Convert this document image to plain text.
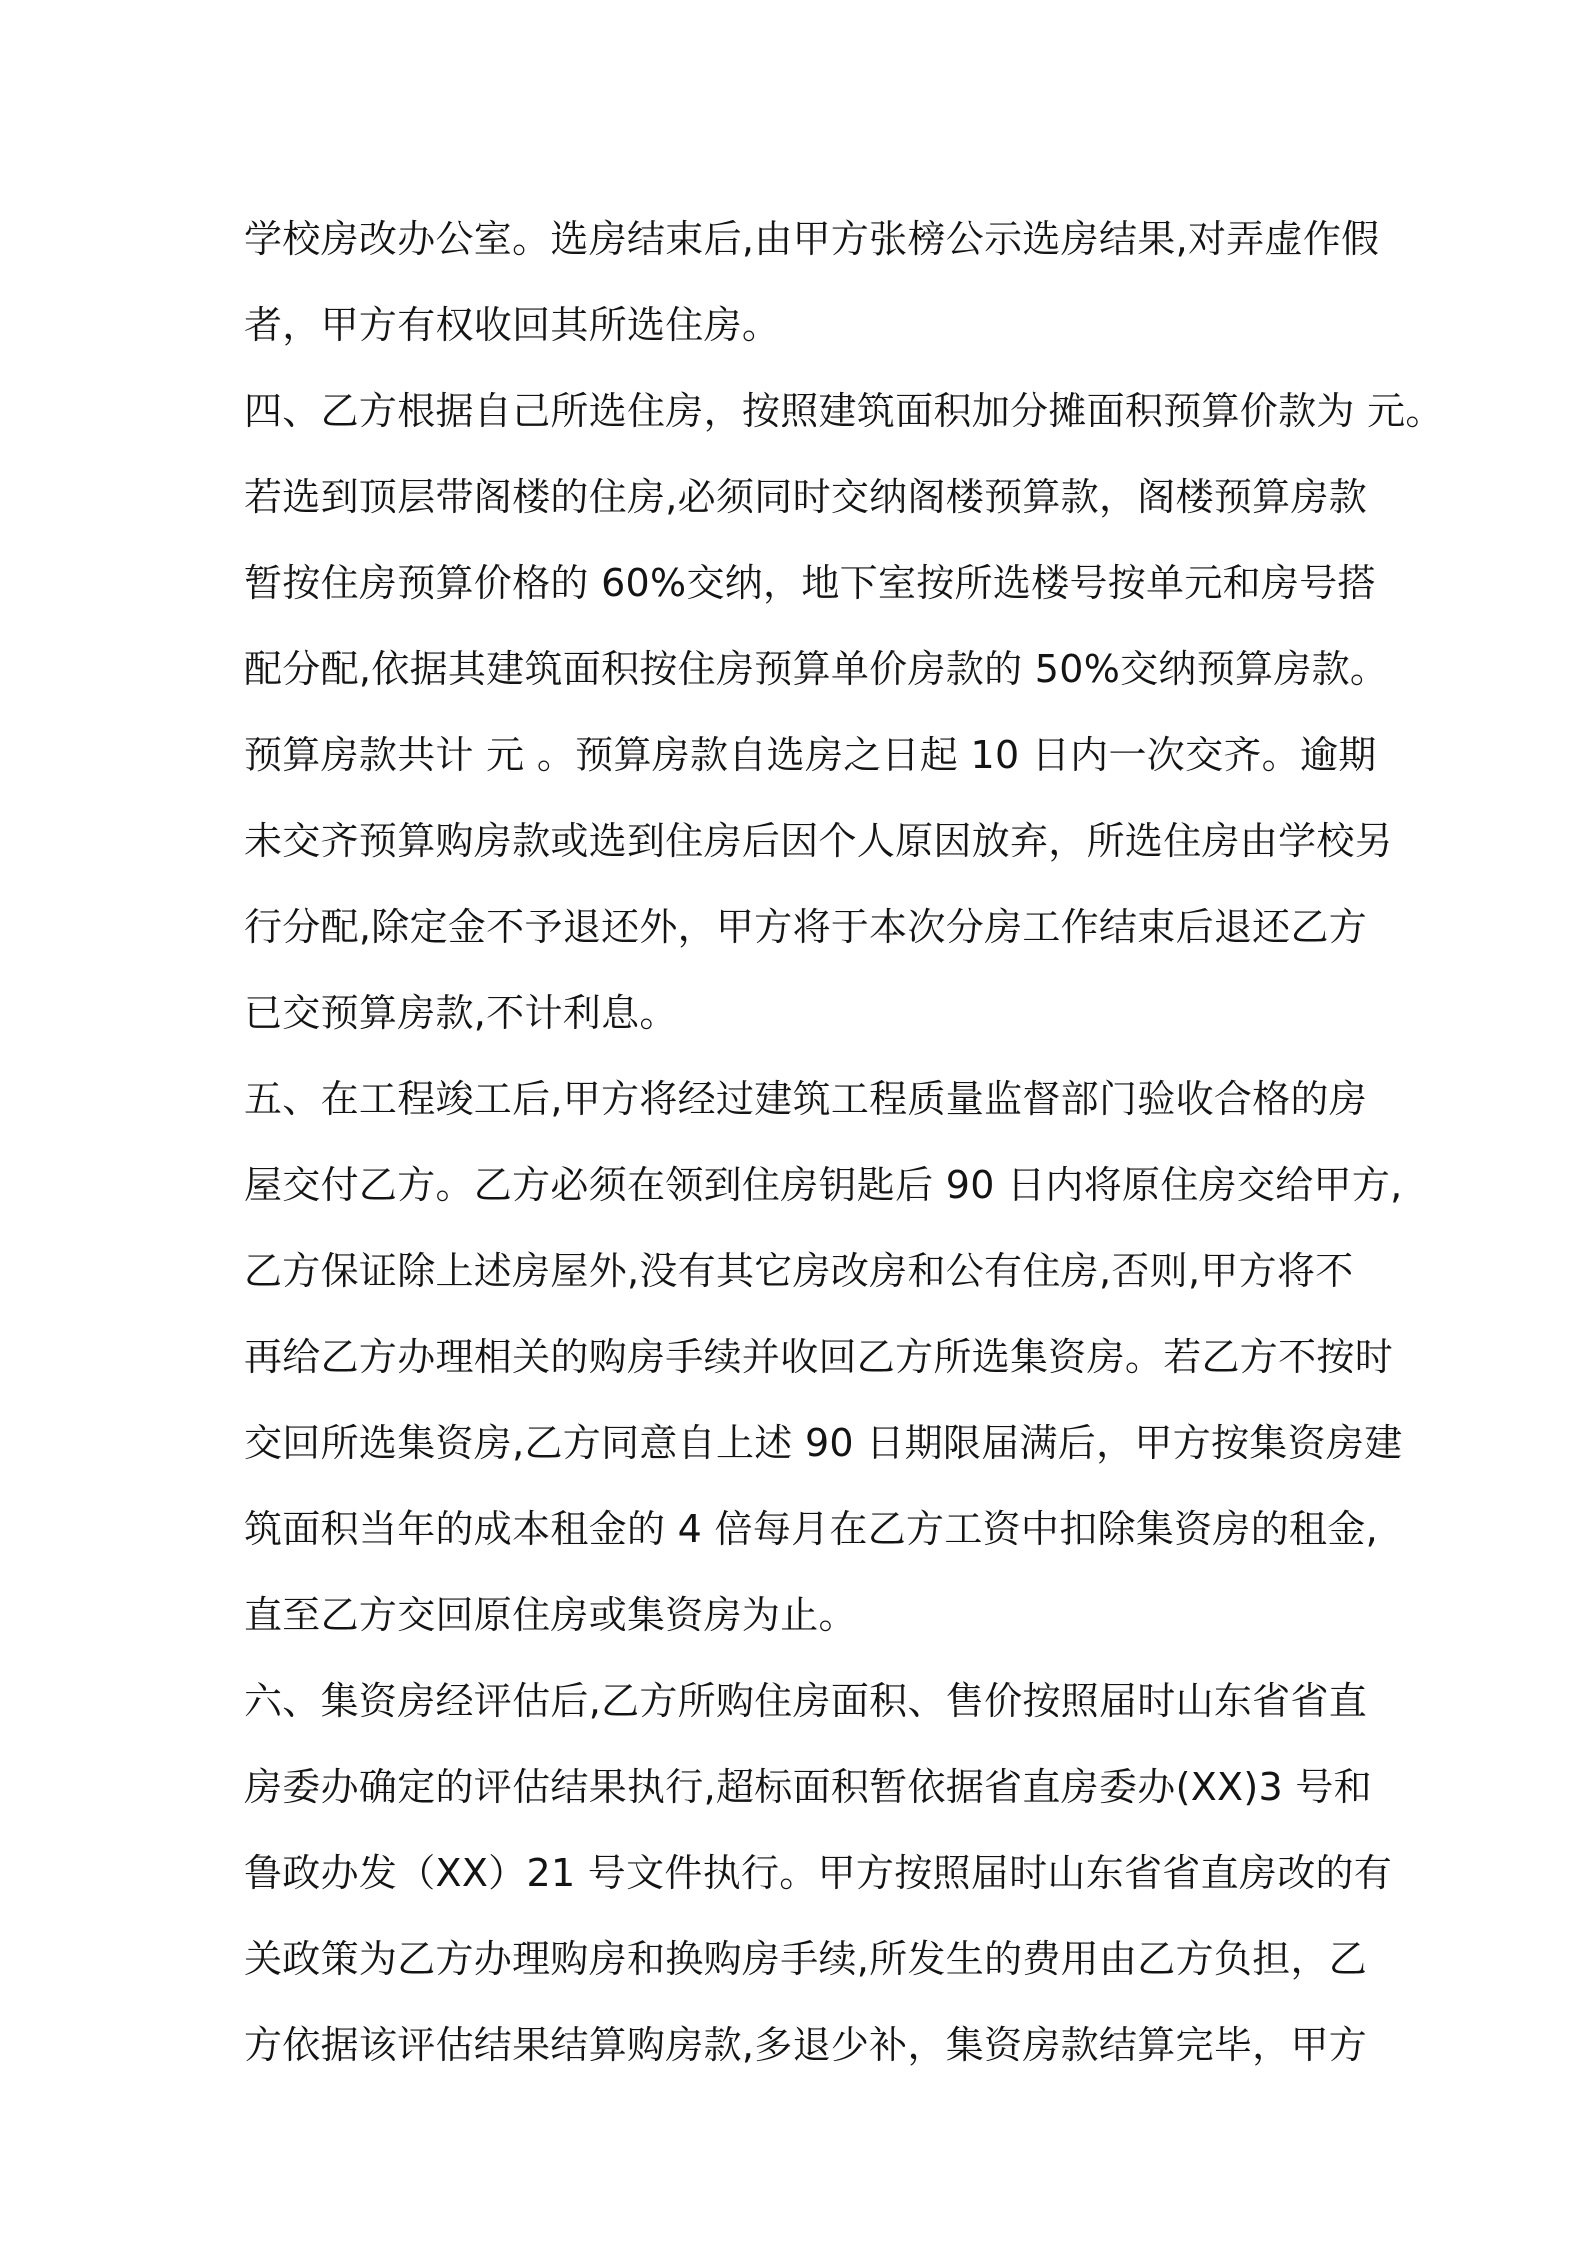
学校房改办公室。选房结束后,由甲方张榜公示选房结果,对弄虚作假
者，甲方有权收回其所选住房。
四、乙方根据自己所选住房，按照建筑面积加分摊面积预算价款为 元。
若选到顶层带阁楼的住房,必须同时交纳阁楼预算款，阁楼预算房款
暂按住房预算价格的 60%交纳，地下室按所选楼号按单元和房号搭
配分配,依据其建筑面积按住房预算单价房款的 50%交纳预算房款。
预算房款共计 元 。预算房款自选房之日起 10 日内一次交齐。逾期
未交齐预算购房款或选到住房后因个人原因放弃，所选住房由学校另
行分配,除定金不予退还外，甲方将于本次分房工作结束后退还乙方
已交预算房款,不计利息。
五、在工程竣工后,甲方将经过建筑工程质量监督部门验收合格的房
屋交付乙方。乙方必须在领到住房钥匙后 90 日内将原住房交给甲方,
乙方保证除上述房屋外,没有其它房改房和公有住房,否则,甲方将不
再给乙方办理相关的购房手续并收回乙方所选集资房。若乙方不按时
交回所选集资房,乙方同意自上述 90 日期限届满后，甲方按集资房建
筑面积当年的成本租金的 4 倍每月在乙方工资中扣除集资房的租金,
直至乙方交回原住房或集资房为止。
六、集资房经评估后,乙方所购住房面积、售价按照届时山东省省直
房委办确定的评估结果执行,超标面积暂依据省直房委办(XX)3 号和
鲁政办发（XX）21 号文件执行。甲方按照届时山东省省直房改的有
关政策为乙方办理购房和换购房手续,所发生的费用由乙方负担，乙
方依据该评估结果结算购房款,多退少补，集资房款结算完毕，甲方
